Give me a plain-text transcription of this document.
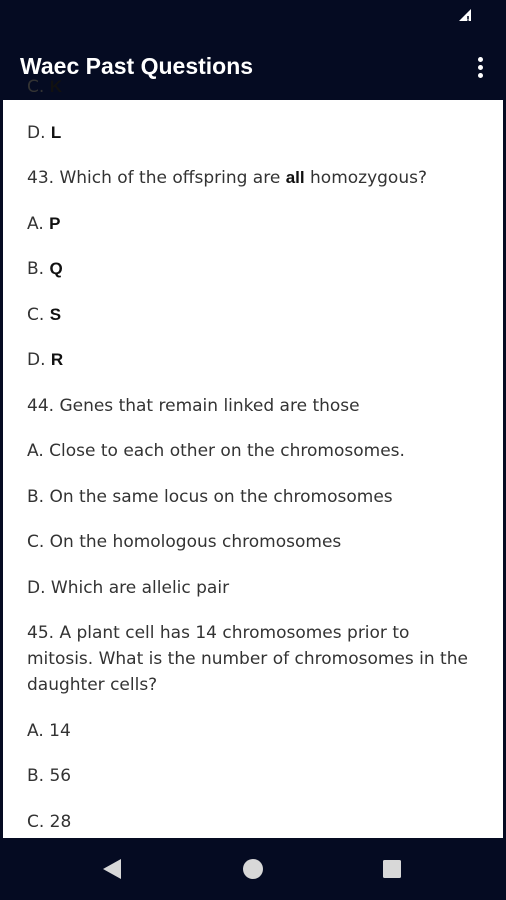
Waec Past Questions
C. K
D. L
43. Which of the offspring are all homozygous?
A. P
B. Q
C. S
D. R
44. Genes that remain linked are those
A. Close to each other on the chromosomes.
B. On the same locus on the chromosomes
C. On the homologous chromosomes
D. Which are allelic pair
45. A plant cell has 14 chromosomes prior to mitosis. What is the number of chromosomes in the daughter cells?
A. 14
B. 56
C. 28
